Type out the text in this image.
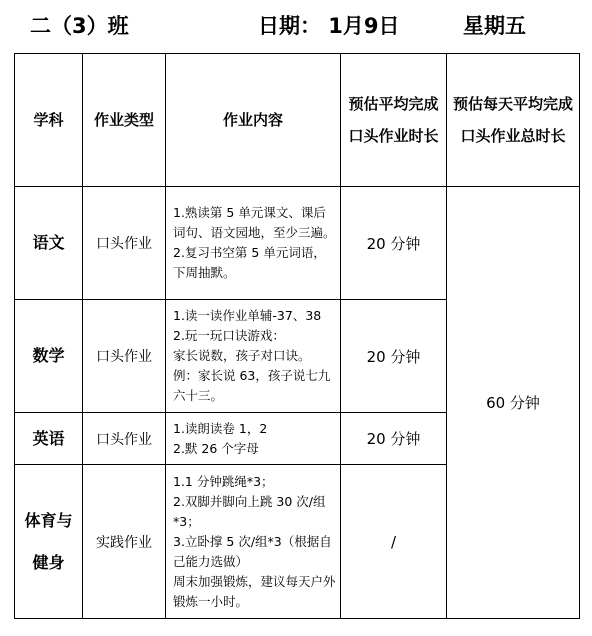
二（3）班	日期： 1月9日	星期五
学科	作业类型	作业内容	预估平均完成口头作业时长	预估每天平均完成口头作业总时长
语文	口头作业	1.熟读第 5 单元课文、课后词句、语文园地，至少三遍。
2.复习书空第 5 单元词语，下周抽默。	20 分钟	60 分钟
数学	口头作业	1.读一读作业单辅-37、38
2.玩一玩口诀游戏：
家长说数，孩子对口诀。
例：家长说 63，孩子说七九六十三。	20 分钟	
英语	口头作业	1.读朗读卷 1，2
2.默 26 个字母	20 分钟	
体育与健身	实践作业	1.1 分钟跳绳*3；
2.双脚并脚向上跳 30 次/组*3；
3.立卧撑 5 次/组*3（根据自己能力选做）
周末加强锻炼，建议每天户外锻炼一小时。	/	
